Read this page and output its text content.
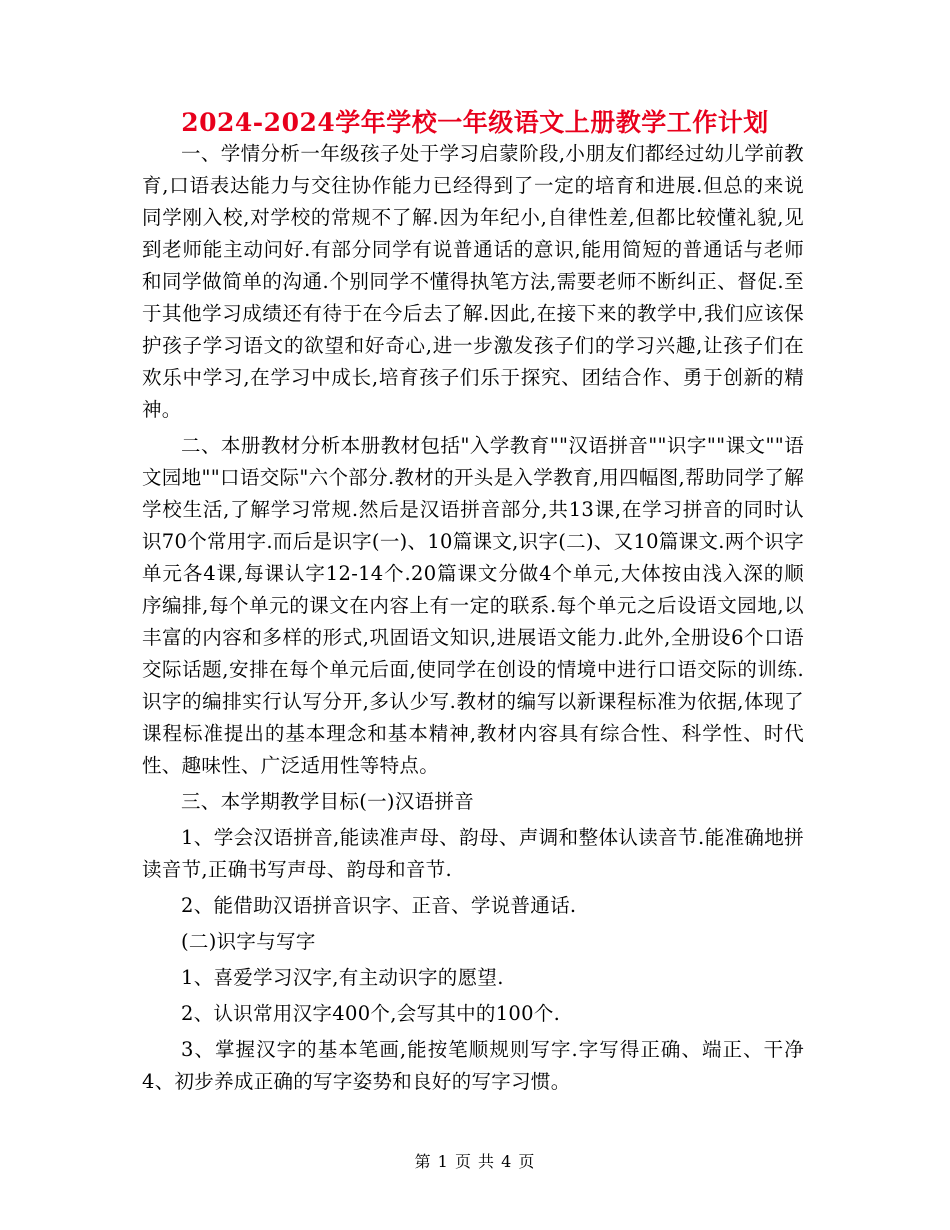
2024-2024学年学校一年级语文上册教学工作计划

一、学情分析一年级孩子处于学习启蒙阶段,小朋友们都经过幼儿学前教育,口语表达能力与交往协作能力已经得到了一定的培育和进展.但总的来说同学刚入校,对学校的常规不了解.因为年纪小,自律性差,但都比较懂礼貌,见到老师能主动问好.有部分同学有说普通话的意识,能用简短的普通话与老师和同学做简单的沟通.个别同学不懂得执笔方法,需要老师不断纠正、督促.至于其他学习成绩还有待于在今后去了解.因此,在接下来的教学中,我们应该保护孩子学习语文的欲望和好奇心,进一步激发孩子们的学习兴趣,让孩子们在欢乐中学习,在学习中成长,培育孩子们乐于探究、团结合作、勇于创新的精神。

二、本册教材分析本册教材包括"入学教育""汉语拼音""识字""课文""语文园地""口语交际"六个部分.教材的开头是入学教育,用四幅图,帮助同学了解学校生活,了解学习常规.然后是汉语拼音部分,共13课,在学习拼音的同时认识70个常用字.而后是识字(一)、10篇课文,识字(二)、又10篇课文.两个识字单元各4课,每课认字12-14个.20篇课文分做4个单元,大体按由浅入深的顺序编排,每个单元的课文在内容上有一定的联系.每个单元之后设语文园地,以丰富的内容和多样的形式,巩固语文知识,进展语文能力.此外,全册设6个口语交际话题,安排在每个单元后面,使同学在创设的情境中进行口语交际的训练.识字的编排实行认写分开,多认少写.教材的编写以新课程标准为依据,体现了课程标准提出的基本理念和基本精神,教材内容具有综合性、科学性、时代性、趣味性、广泛适用性等特点。

三、本学期教学目标(一)汉语拼音

1、学会汉语拼音,能读准声母、韵母、声调和整体认读音节.能准确地拼读音节,正确书写声母、韵母和音节.

2、能借助汉语拼音识字、正音、学说普通话.

(二)识字与写字

1、喜爱学习汉字,有主动识字的愿望.

2、认识常用汉字400个,会写其中的100个.

3、掌握汉字的基本笔画,能按笔顺规则写字.字写得正确、端正、干净4、初步养成正确的写字姿势和良好的写字习惯。

第 1 页 共 4 页
